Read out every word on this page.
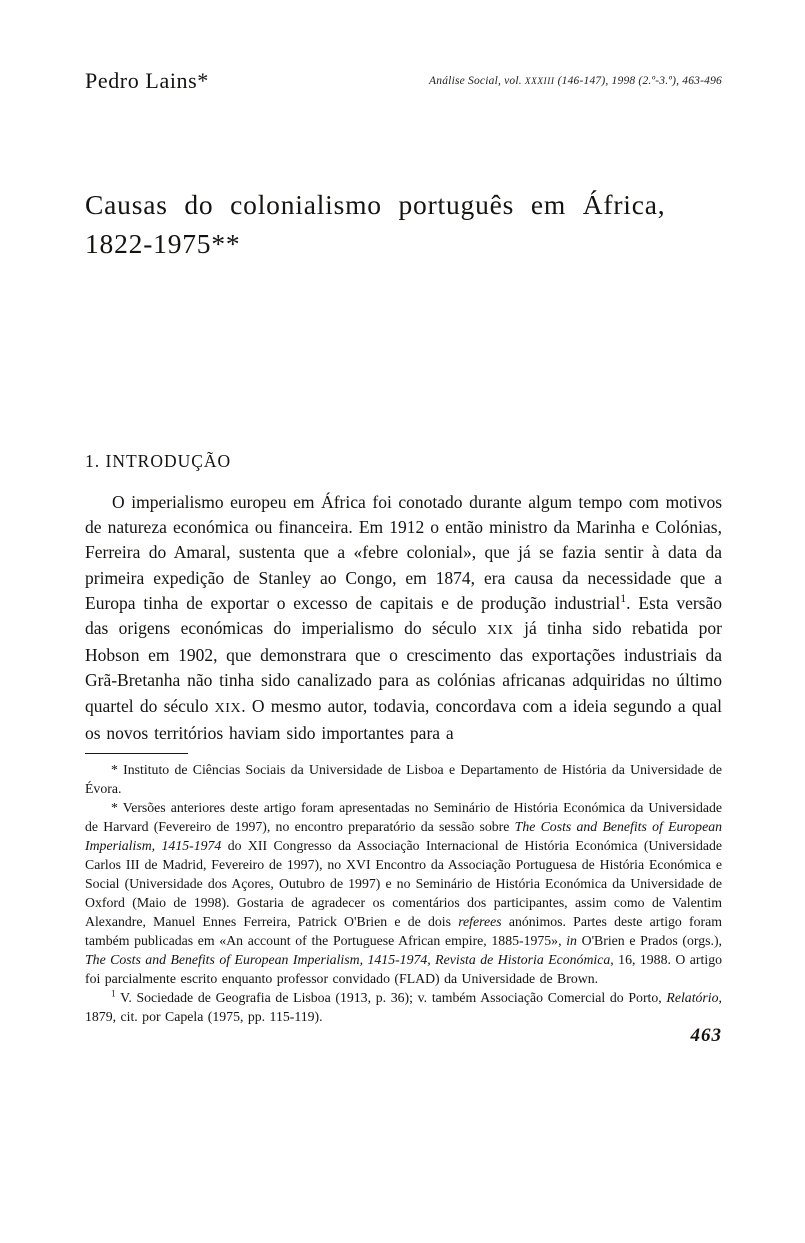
Pedro Lains*	Análise Social, vol. XXXIII (146-147), 1998 (2.º-3.º), 463-496
Causas do colonialismo português em África,
1822-1975**
1. INTRODUÇÃO

O imperialismo europeu em África foi conotado durante algum tempo com motivos de natureza económica ou financeira. Em 1912 o então ministro da Marinha e Colónias, Ferreira do Amaral, sustenta que a «febre colonial», que já se fazia sentir à data da primeira expedição de Stanley ao Congo, em 1874, era causa da necessidade que a Europa tinha de exportar o excesso de capitais e de produção industrial$^1$. Esta versão das origens económicas do imperialismo do século XIX já tinha sido rebatida por Hobson em 1902, que demonstrara que o crescimento das exportações industriais da Grã-Bretanha não tinha sido canalizado para as colónias africanas adquiridas no último quartel do século XIX. O mesmo autor, todavia, concordava com a ideia segundo a qual os novos territórios haviam sido importantes para a

* Instituto de Ciências Sociais da Universidade de Lisboa e Departamento de História da Universidade de Évora.

* Versões anteriores deste artigo foram apresentadas no Seminário de História Económica da Universidade de Harvard (Fevereiro de 1997), no encontro preparatório da sessão sobre The Costs and Benefits of European Imperialism, 1415-1974 do XII Congresso da Associação Internacional de História Económica (Universidade Carlos III de Madrid, Fevereiro de 1997), no XVI Encontro da Associação Portuguesa de História Económica e Social (Universidade dos Açores, Outubro de 1997) e no Seminário de História Económica da Universidade de Oxford (Maio de 1998). Gostaria de agradecer os comentários dos participantes, assim como de Valentim Alexandre, Manuel Ennes Ferreira, Patrick O'Brien e de dois referees anónimos. Partes deste artigo foram também publicadas em «An account of the Portuguese African empire, 1885-1975», in O'Brien e Prados (orgs.), The Costs and Benefits of European Imperialism, 1415-1974, Revista de Historia Económica, 16, 1988. O artigo foi parcialmente escrito enquanto professor convidado (FLAD) da Universidade de Brown.

$^1$ V. Sociedade de Geografia de Lisboa (1913, p. 36); v. também Associação Comercial do Porto, Relatório, 1879, cit. por Capela (1975, pp. 115-119).

463
